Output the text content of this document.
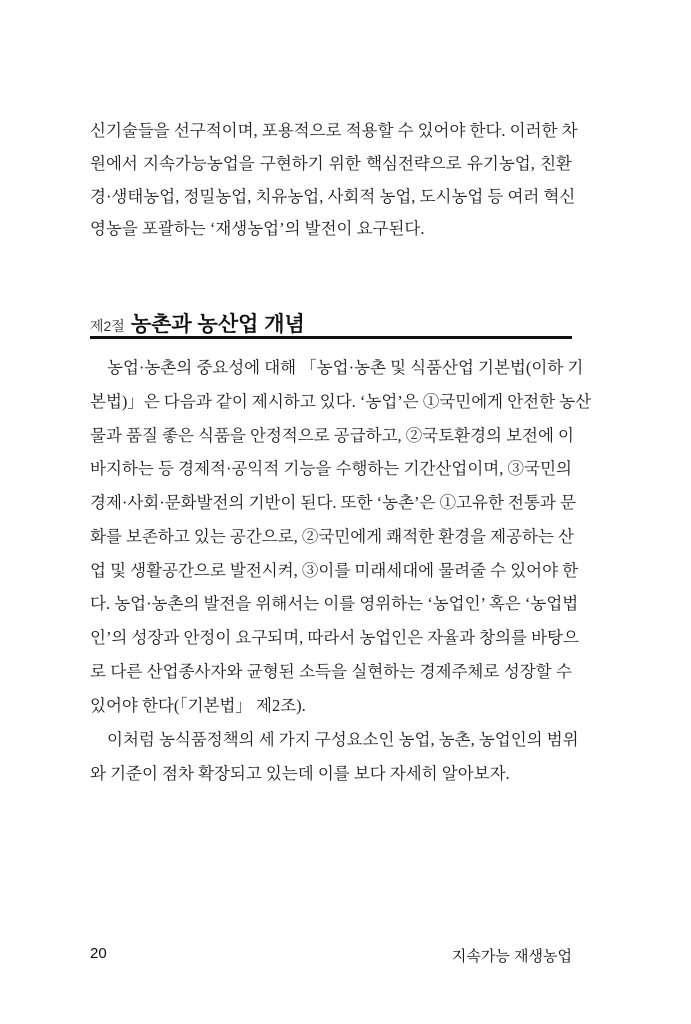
신기술들을 선구적이며, 포용적으로 적용할 수 있어야 한다. 이러한 차
원에서 지속가능농업을 구현하기 위한 핵심전략으로 유기농업, 친환
경·생태농업, 정밀농업, 치유농업, 사회적 농업, 도시농업 등 여러 혁신
영농을 포괄하는 ‘재생농업’의 발전이 요구된다.
제2절 농촌과 농산업 개념
농업·농촌의 중요성에 대해 「농업·농촌 및 식품산업 기본법(이하 기
본법)」은 다음과 같이 제시하고 있다. ‘농업’은 ①국민에게 안전한 농산
물과 품질 좋은 식품을 안정적으로 공급하고, ②국토환경의 보전에 이
바지하는 등 경제적·공익적 기능을 수행하는 기간산업이며, ③국민의
경제·사회·문화발전의 기반이 된다. 또한 ‘농촌’은 ①고유한 전통과 문
화를 보존하고 있는 공간으로, ②국민에게 쾌적한 환경을 제공하는 산
업 및 생활공간으로 발전시켜, ③이를 미래세대에 물려줄 수 있어야 한
다. 농업·농촌의 발전을 위해서는 이를 영위하는 ‘농업인’ 혹은 ‘농업법
인’의 성장과 안정이 요구되며, 따라서 농업인은 자율과 창의를 바탕으
로 다른 산업종사자와 균형된 소득을 실현하는 경제주체로 성장할 수
있어야 한다(「기본법」 제2조).
이처럼 농식품정책의 세 가지 구성요소인 농업, 농촌, 농업인의 범위
와 기준이 점차 확장되고 있는데 이를 보다 자세히 알아보자.
20	지속가능 재생농업
